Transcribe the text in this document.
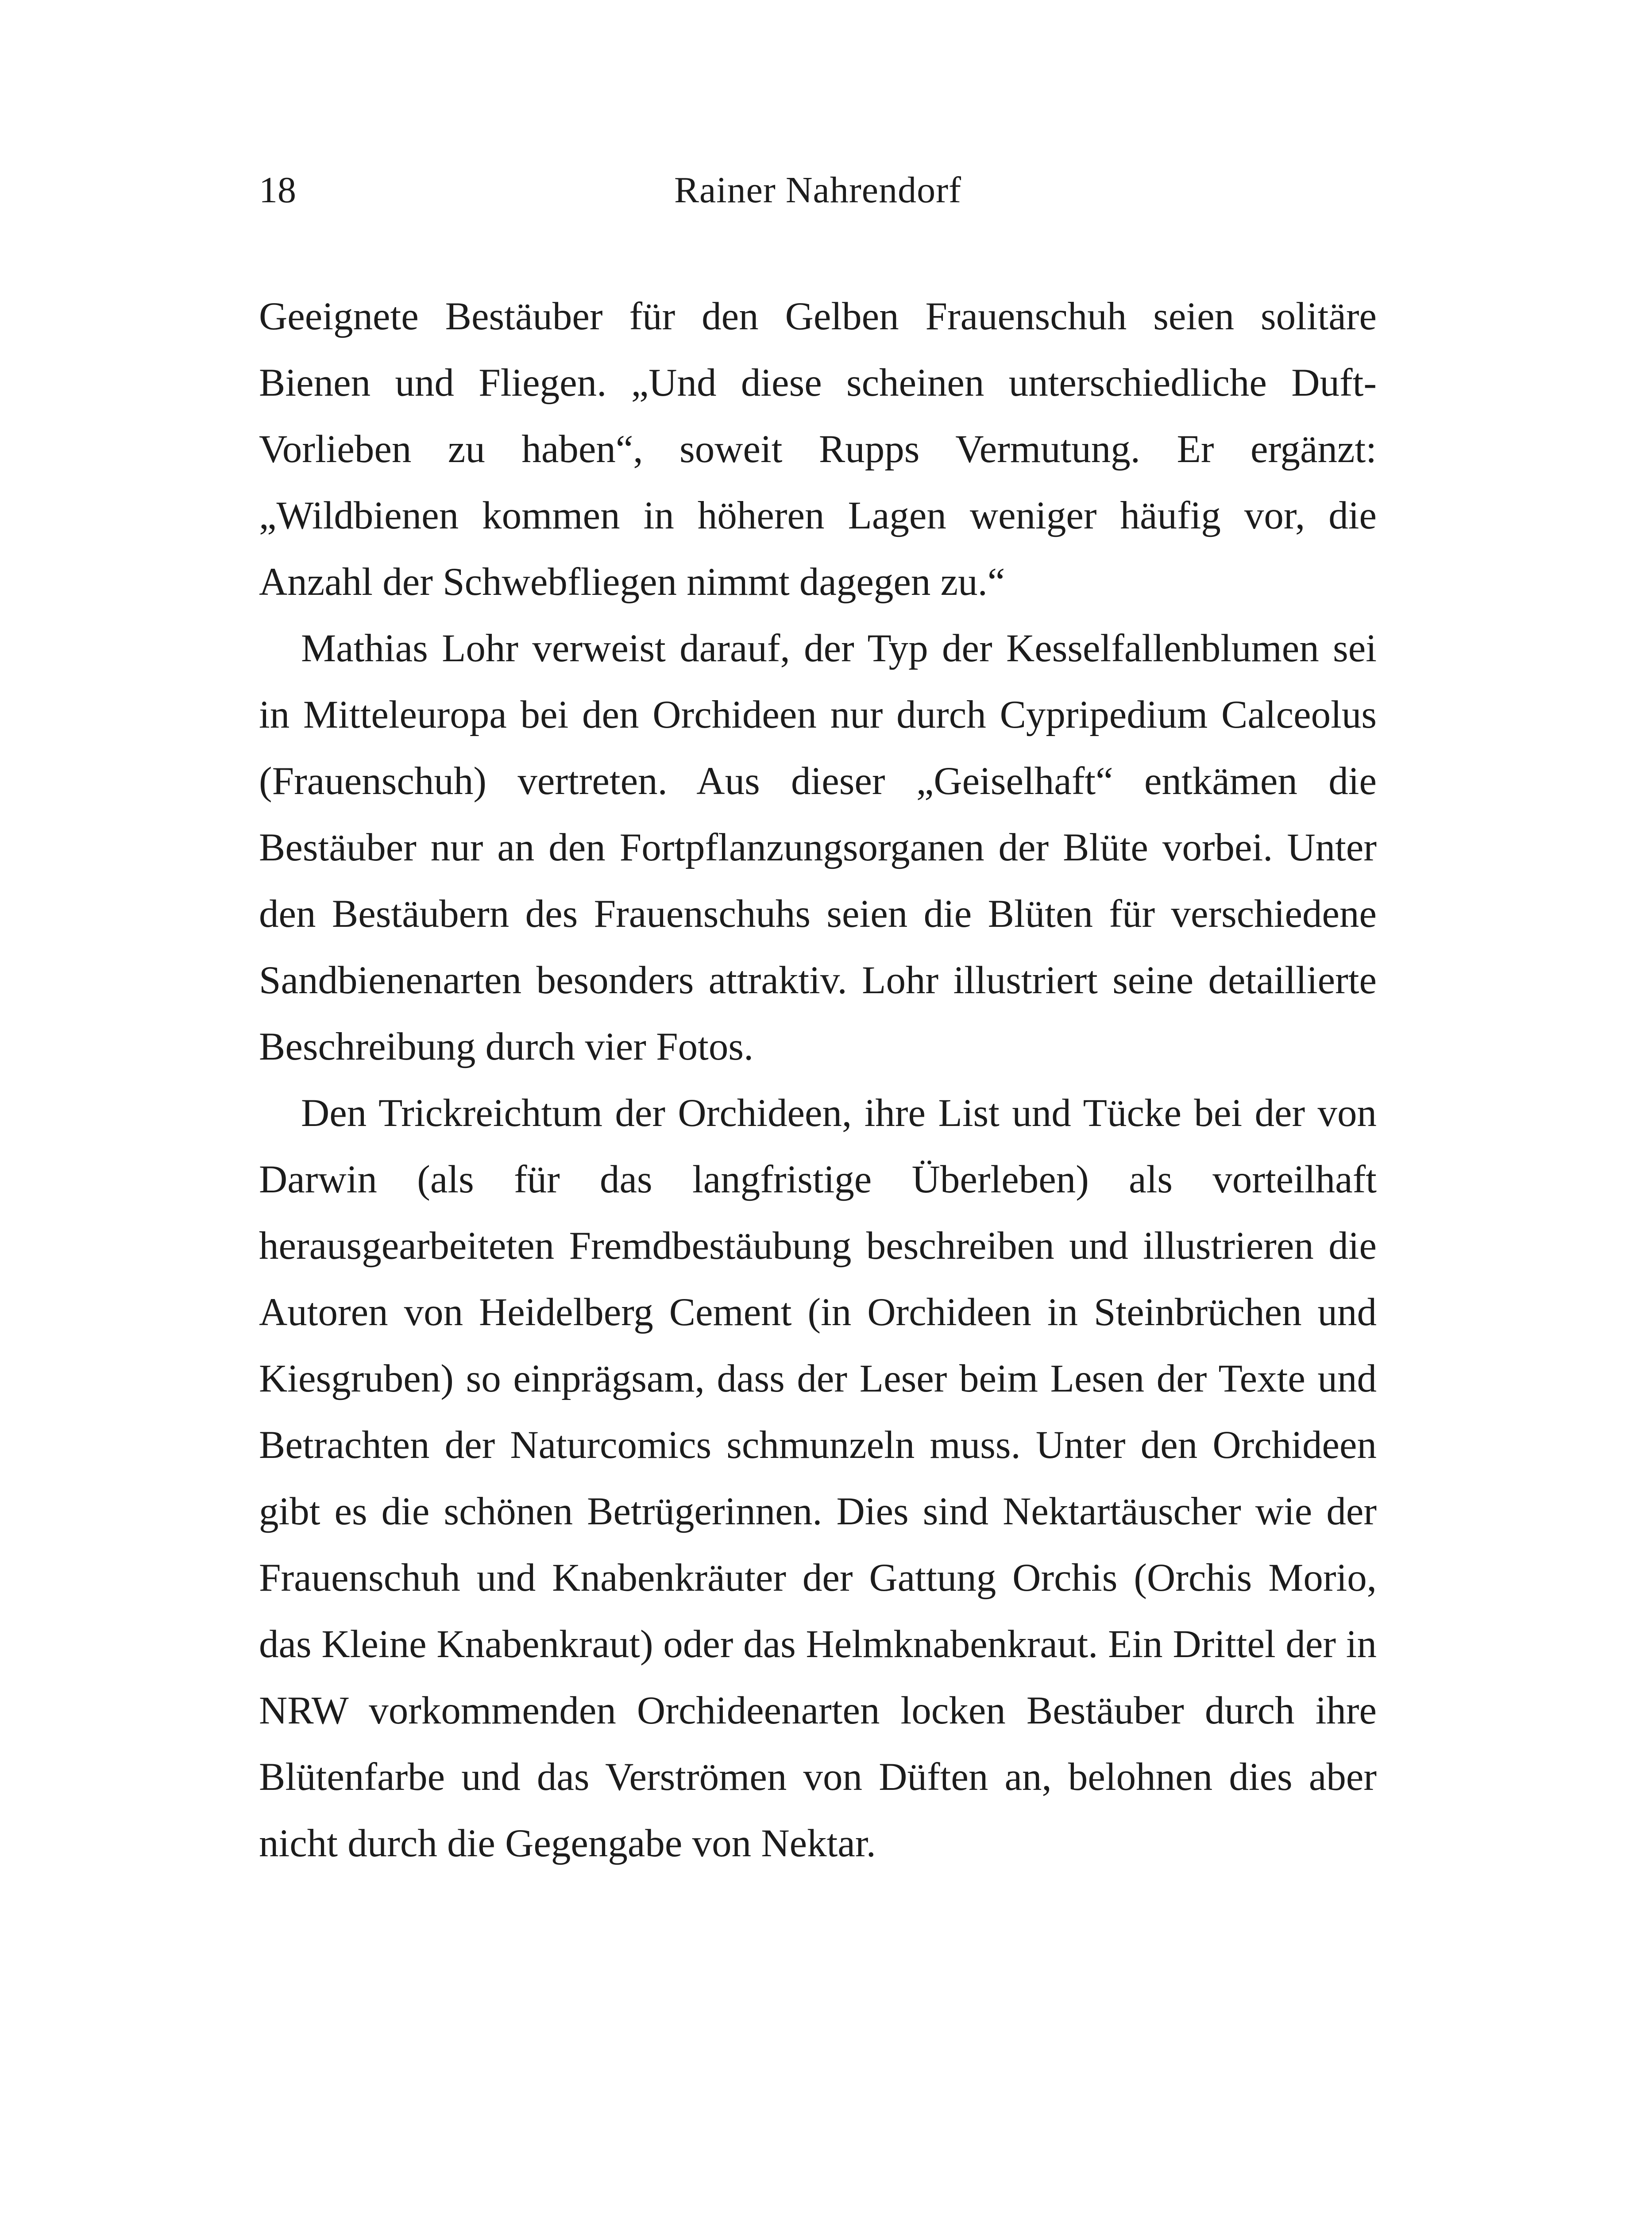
18	Rainer Nahrendorf

Geeignete Bestäuber für den Gelben Frauenschuh seien solitäre Bienen und Fliegen. „Und diese scheinen unterschiedliche Duft-Vorlieben zu haben“, soweit Rupps Vermutung. Er ergänzt: „Wildbienen kommen in höheren Lagen weniger häufig vor, die Anzahl der Schwebfliegen nimmt dagegen zu.“

Mathias Lohr verweist darauf, der Typ der Kesselfallenblumen sei in Mitteleuropa bei den Orchideen nur durch Cypripedium Calceolus (Frauenschuh) vertreten. Aus dieser „Geiselhaft“ entkämen die Bestäuber nur an den Fortpflanzungsorganen der Blüte vorbei. Unter den Bestäubern des Frauenschuhs seien die Blüten für verschiedene Sandbienenarten besonders attraktiv. Lohr illustriert seine detaillierte Beschreibung durch vier Fotos.

Den Trickreichtum der Orchideen, ihre List und Tücke bei der von Darwin (als für das langfristige Überleben) als vorteilhaft herausgearbeiteten Fremdbestäubung beschreiben und illustrieren die Autoren von Heidelberg Cement (in Orchideen in Steinbrüchen und Kiesgruben) so einprägsam, dass der Leser beim Lesen der Texte und Betrachten der Naturcomics schmunzeln muss. Unter den Orchideen gibt es die schönen Betrügerinnen. Dies sind Nektartäuscher wie der Frauenschuh und Knabenkräuter der Gattung Orchis (Orchis Morio, das Kleine Knabenkraut) oder das Helmknabenkraut. Ein Drittel der in NRW vorkommenden Orchideenarten locken Bestäuber durch ihre Blütenfarbe und das Verströmen von Düften an, belohnen dies aber nicht durch die Gegengabe von Nektar.
